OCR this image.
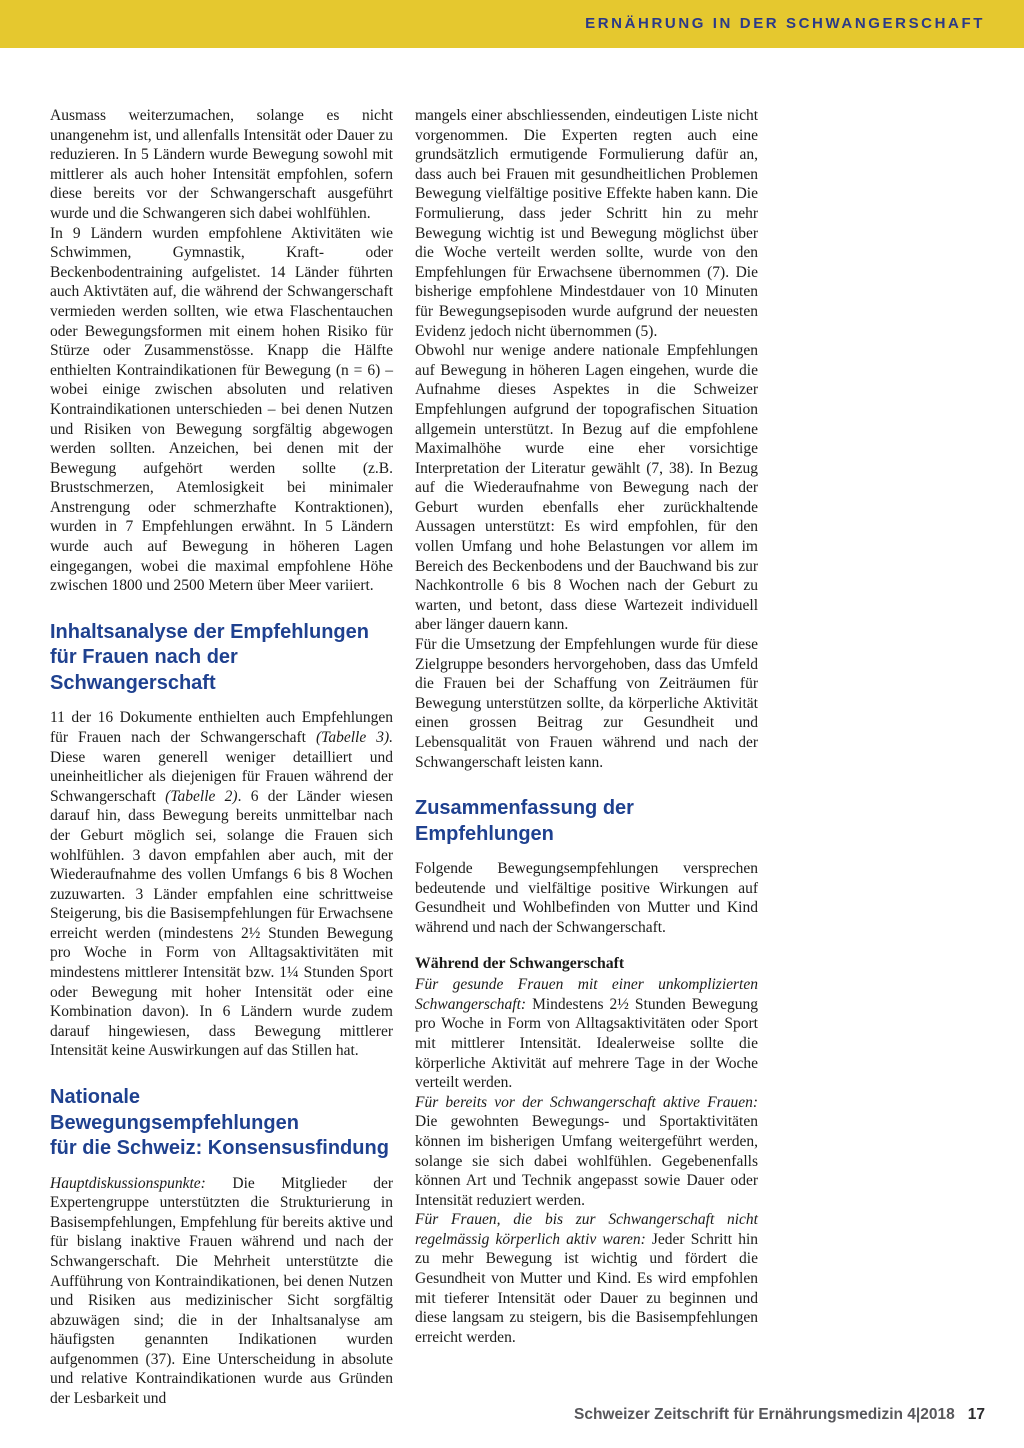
ERNÄHRUNG IN DER SCHWANGERSCHAFT

Ausmass weiterzumachen, solange es nicht unangenehm ist, und allenfalls Intensität oder Dauer zu reduzieren. In 5 Ländern wurde Bewegung sowohl mit mittlerer als auch hoher Intensität empfohlen, sofern diese bereits vor der Schwangerschaft ausgeführt wurde und die Schwangeren sich dabei wohlfühlen.

In 9 Ländern wurden empfohlene Aktivitäten wie Schwimmen, Gymnastik, Kraft- oder Beckenbodentraining aufgelistet. 14 Länder führten auch Aktivtäten auf, die während der Schwangerschaft vermieden werden sollten, wie etwa Flaschentauchen oder Bewegungsformen mit einem hohen Risiko für Stürze oder Zusammenstösse. Knapp die Hälfte enthielten Kontraindikationen für Bewegung (n = 6) – wobei einige zwischen absoluten und relativen Kontraindikationen unterschieden – bei denen Nutzen und Risiken von Bewegung sorgfältig abgewogen werden sollten. Anzeichen, bei denen mit der Bewegung aufgehört werden sollte (z.B. Brustschmerzen, Atemlosigkeit bei minimaler Anstrengung oder schmerzhafte Kontraktionen), wurden in 7 Empfehlungen erwähnt. In 5 Ländern wurde auch auf Bewegung in höheren Lagen eingegangen, wobei die maximal empfohlene Höhe zwischen 1800 und 2500 Metern über Meer variiert.

Inhaltsanalyse der Empfehlungen
für Frauen nach der Schwangerschaft

11 der 16 Dokumente enthielten auch Empfehlungen für Frauen nach der Schwangerschaft (Tabelle 3). Diese waren generell weniger detailliert und uneinheitlicher als diejenigen für Frauen während der Schwangerschaft (Tabelle 2). 6 der Länder wiesen darauf hin, dass Bewegung bereits unmittelbar nach der Geburt möglich sei, solange die Frauen sich wohlfühlen. 3 davon empfahlen aber auch, mit der Wiederaufnahme des vollen Umfangs 6 bis 8 Wochen zuzuwarten. 3 Länder empfahlen eine schrittweise Steigerung, bis die Basisempfehlungen für Erwachsene erreicht werden (mindestens 2½ Stunden Bewegung pro Woche in Form von Alltagsaktivitäten mit mindestens mittlerer Intensität bzw. 1¼ Stunden Sport oder Bewegung mit hoher Intensität oder eine Kombination davon). In 6 Ländern wurde zudem darauf hingewiesen, dass Bewegung mittlerer Intensität keine Auswirkungen auf das Stillen hat.

Nationale Bewegungsempfehlungen
für die Schweiz: Konsensusfindung

Hauptdiskussionspunkte: Die Mitglieder der Expertengruppe unterstützten die Strukturierung in Basisempfehlungen, Empfehlung für bereits aktive und für bislang inaktive Frauen während und nach der Schwangerschaft. Die Mehrheit unterstützte die Aufführung von Kontraindikationen, bei denen Nutzen und Risiken aus medizinischer Sicht sorgfältig abzuwägen sind; die in der Inhaltsanalyse am häufigsten genannten Indikationen wurden aufgenommen (37). Eine Unterscheidung in absolute und relative Kontraindikationen wurde aus Gründen der Lesbarkeit und

mangels einer abschliessenden, eindeutigen Liste nicht vorgenommen. Die Experten regten auch eine grundsätzlich ermutigende Formulierung dafür an, dass auch bei Frauen mit gesundheitlichen Problemen Bewegung vielfältige positive Effekte haben kann. Die Formulierung, dass jeder Schritt hin zu mehr Bewegung wichtig ist und Bewegung möglichst über die Woche verteilt werden sollte, wurde von den Empfehlungen für Erwachsene übernommen (7). Die bisherige empfohlene Mindestdauer von 10 Minuten für Bewegungsepisoden wurde aufgrund der neuesten Evidenz jedoch nicht übernommen (5).

Obwohl nur wenige andere nationale Empfehlungen auf Bewegung in höheren Lagen eingehen, wurde die Aufnahme dieses Aspektes in die Schweizer Empfehlungen aufgrund der topografischen Situation allgemein unterstützt. In Bezug auf die empfohlene Maximalhöhe wurde eine eher vorsichtige Interpretation der Literatur gewählt (7, 38). In Bezug auf die Wiederaufnahme von Bewegung nach der Geburt wurden ebenfalls eher zurückhaltende Aussagen unterstützt: Es wird empfohlen, für den vollen Umfang und hohe Belastungen vor allem im Bereich des Beckenbodens und der Bauchwand bis zur Nachkontrolle 6 bis 8 Wochen nach der Geburt zu warten, und betont, dass diese Wartezeit individuell aber länger dauern kann.

Für die Umsetzung der Empfehlungen wurde für diese Zielgruppe besonders hervorgehoben, dass das Umfeld die Frauen bei der Schaffung von Zeiträumen für Bewegung unterstützen sollte, da körperliche Aktivität einen grossen Beitrag zur Gesundheit und Lebensqualität von Frauen während und nach der Schwangerschaft leisten kann.

Zusammenfassung der Empfehlungen

Folgende Bewegungsempfehlungen versprechen bedeutende und vielfältige positive Wirkungen auf Gesundheit und Wohlbefinden von Mutter und Kind während und nach der Schwangerschaft.

Während der Schwangerschaft

Für gesunde Frauen mit einer unkomplizierten Schwangerschaft: Mindestens 2½ Stunden Bewegung pro Woche in Form von Alltagsaktivitäten oder Sport mit mittlerer Intensität. Idealerweise sollte die körperliche Aktivität auf mehrere Tage in der Woche verteilt werden.

Für bereits vor der Schwangerschaft aktive Frauen: Die gewohnten Bewegungs- und Sportaktivitäten können im bisherigen Umfang weitergeführt werden, solange sie sich dabei wohlfühlen. Gegebenenfalls können Art und Technik angepasst sowie Dauer oder Intensität reduziert werden.

Für Frauen, die bis zur Schwangerschaft nicht regelmässig körperlich aktiv waren: Jeder Schritt hin zu mehr Bewegung ist wichtig und fördert die Gesundheit von Mutter und Kind. Es wird empfohlen mit tieferer Intensität oder Dauer zu beginnen und diese langsam zu steigern, bis die Basisempfehlungen erreicht werden.

Schweizer Zeitschrift für Ernährungsmedizin 4|2018 17
